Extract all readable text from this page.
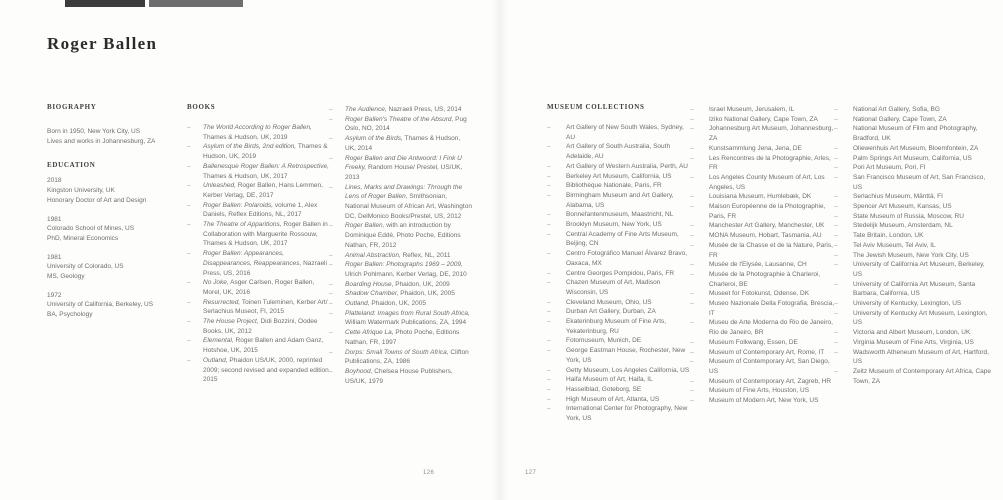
Roger Ballen
BIOGRAPHY
Born in 1950, New York City, US
Lives and works in Johannesburg, ZA
EDUCATION
2018
Kingston University, UK
Honorary Doctor of Art and Design
1981
Colorado School of Mines, US
PhD, Mineral Economics
1981
University of Colorado, US
MS, Geology
1972
University of California, Berkeley, US
BA, Psychology
BOOKS
–	The World According to Roger Ballen, Thames & Hudson, UK, 2019
–	Asylum of the Birds, 2nd edition, Thames & Hudson, UK, 2019
–	Ballenesque Roger Ballen: A Retrospective, Thames & Hudson, UK, 2017
–	Unleashed, Roger Ballen, Hans Lemmen, Kerber Verlag, DE, 2017
–	Roger Ballen: Polaroids, volume 1, Alex Daniels, Reflex Editions, NL, 2017
–	The Theatre of Apparitions, Roger Ballen in Collaboration with Marguerite Rossouw, Thames & Hudson, UK, 2017
–	Roger Ballen: Appearances, Disappearances, Reappearances, Nazraeli Press, US, 2016
–	No Joke, Asger Carlsen, Roger Ballen, Morel, UK, 2016
–	Resurrected, Toinen Tuleminen, Kerber Art/ Serlachius Museot, FI, 2015
–	The House Project, Didi Bozzini, Oodee Books, UK, 2012
–	Elemental, Roger Ballen and Adam Ganz, Hotshoe, UK, 2015
–	Outland, Phaidon US/UK, 2000, reprinted 2009; second revised and expanded edition 2015
–	The Audience, Nazraeli Press, US, 2014
–	Roger Ballen's Theatre of the Absurd, Pug Oslo, NO, 2014
–	Asylum of the Birds, Thames & Hudson, UK, 2014
–	Roger Ballen and Die Antwoord: I Fink U Freeky, Random House/ Prestel, US/UK, 2013
–	Lines, Marks and Drawings: Through the Lens of Roger Ballen, Smithsonian, National Museum of African Art, Washington DC, DelMonico Books/Prestel, US, 2012
–	Roger Ballen, with an introduction by Dominique Eddé, Photo Poche, Editions Nathan, FR, 2012
–	Animal Abstraction, Reflex, NL, 2011
–	Roger Ballen: Photographs 1969 – 2009, Ulrich Pohlmann, Kerber Verlag, DE, 2010
–	Boarding House, Phaidon, UK, 2009
–	Shadow Chamber, Phaidon, UK, 2005
–	Outland, Phaidon, UK, 2005
–	Platteland: Images from Rural South Africa, William Watermark Publications, ZA, 1994
–	Cette Afrique La, Photo Poche, Editions Nathan, FR, 1997
–	Dorps: Small Towns of South Africa, Clifton Publications, ZA, 1986
–	Boyhood, Chelsea House Publishers, US/UK, 1979
MUSEUM COLLECTIONS
–	Art Gallery of New South Wales, Sydney, AU
–	Art Gallery of South Australia, South Adelaide, AU
–	Art Gallery of Western Australia, Perth, AU
–	Berkeley Art Museum, California, US
–	Bibliothèque Nationale, Paris, FR
–	Birmingham Museum and Art Gallery, Alabama, US
–	Bonnefantenmuseum, Maastricht, NL
–	Brooklyn Museum, New York, US
–	Central Academy of Fine Arts Museum, Beijing, CN
–	Centro Fotográfico Manuel Álvarez Bravo, Oaxaca, MX
–	Centre Georges Pompidou, Paris, FR
–	Chazen Museum of Art, Madison Wisconsin, US
–	Cleveland Museum, Ohio, US
–	Durban Art Gallery, Durban, ZA
–	Ekaterinburg Museum of Fine Arts, Yekaterinburg, RU
–	Fotomuseum, Munich, DE
–	George Eastman House, Rochester, New York, US
–	Getty Museum, Los Angeles California, US
–	Haifa Museum of Art, Haifa, IL
–	Hasselblad, Goteborg, SE
–	High Museum of Art, Atlanta, US
–	International Center for Photography, New York, US
–	Israel Museum, Jerusalem, IL
–	Iziko National Gallery, Cape Town, ZA
–	Johannesburg Art Museum, Johannesburg, ZA
–	Kunstsammlung Jena, Jena, DE
–	Les Rencontres de la Photographie, Arles, FR
–	Los Angeles County Museum of Art, Los Angeles, US
–	Louisiana Museum, Humlebæk, DK
–	Maison Européenne de la Photographie, Paris, FR
–	Manchester Art Gallery, Manchester, UK
–	MONA Museum, Hobart, Tasmania, AU
–	Musée de la Chasse et de la Nature, Paris, FR
–	Musée de l'Elysée, Lausanne, CH
–	Musée de la Photographie à Charleroi, Charleroi, BE
–	Museet for Fotokunst, Odense, DK
–	Museo Nazionale Della Fotografia, Brescia, IT
–	Museu de Arte Moderna do Rio de Janeiro, Rio de Janeiro, BR
–	Museum Folkwang, Essen, DE
–	Museum of Contemporary Art, Rome, IT
–	Museum of Contemporary Art, San Diego, US
–	Museum of Contemporary Art, Zagreb, HR
–	Museum of Fine Arts, Houston, US
–	Museum of Modern Art, New York, US
–	National Art Gallery, Sofia, BG
–	National Gallery, Cape Town, ZA
–	National Museum of Film and Photography, Bradford, UK
–	Oliewenhuis Art Museum, Bloemfontein, ZA
–	Palm Springs Art Museum, California, US
–	Pori Art Museum, Pori, FI
–	San Francisco Museum of Art, San Francisco, US
–	Serlachius Museum, Mänttä, FI
–	Spencer Art Museum, Kansas, US
–	State Museum of Russia, Moscow, RU
–	Stedelijk Museum, Amsterdam, NL
–	Tate Britain, London, UK
–	Tel Aviv Museum, Tel Aviv, IL
–	The Jewish Museum, New York City, US
–	University of California Art Museum, Berkeley, US
–	University of California Art Museum, Santa Barbara, California, US
–	University of Kentucky, Lexington, US
–	University of Kentucky Art Museum, Lexington, US
–	Victoria and Albert Museum, London, UK
–	Virginia Museum of Fine Arts, Virginia, US
–	Wadsworth Atheneum Museum of Art, Hartford, US
–	Zeitz Museum of Contemporary Art Africa, Cape Town, ZA
126	127
